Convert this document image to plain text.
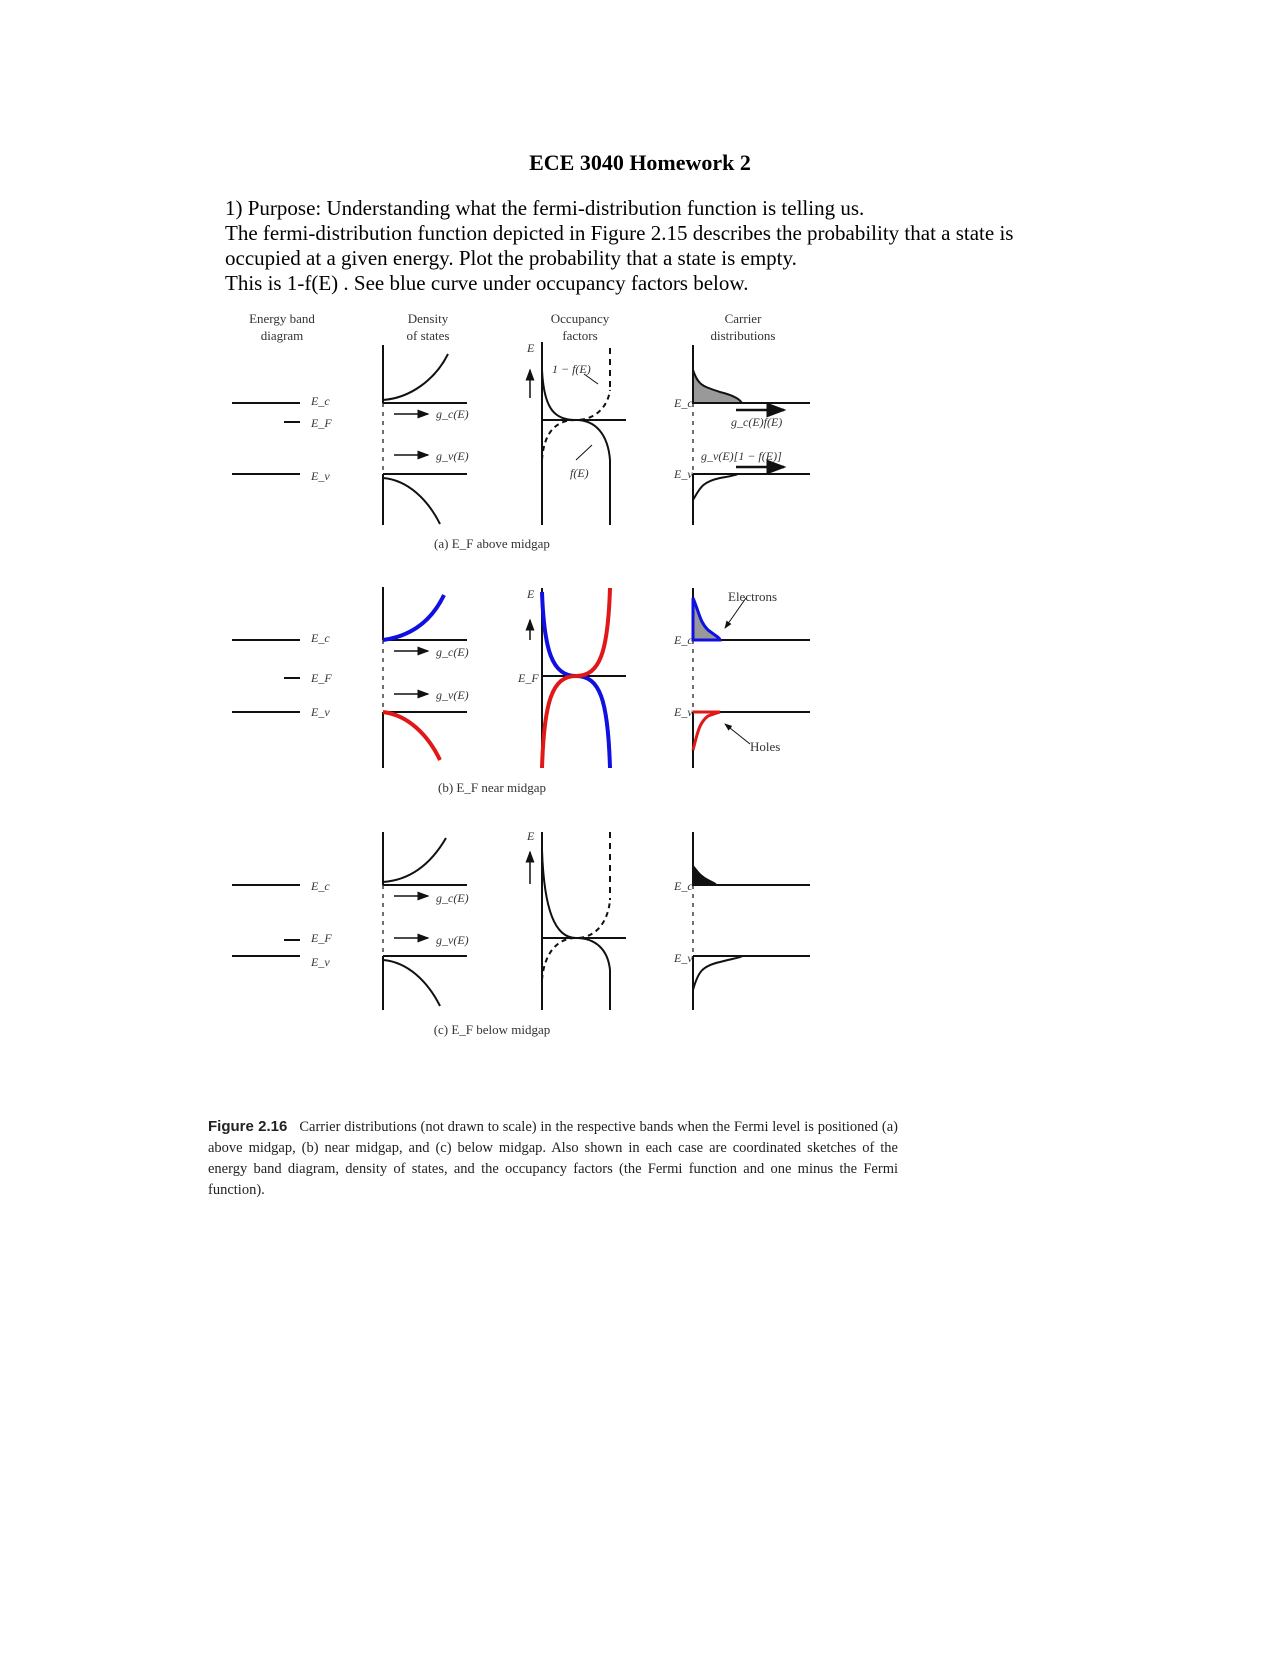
ECE 3040 Homework 2
1) Purpose: Understanding what the fermi-distribution function is telling us.
The fermi-distribution function depicted in Figure 2.15 describes the probability that a state is
occupied at a given energy. Plot the probability that a state is empty.
This is 1-f(E) . See blue curve under occupancy factors below.
Energy band
diagram
Density
of states
Occupancy
factors
Carrier
distributions
E_c
E_F
E_v
g_c(E)
g_v(E)
E
1 − f(E)
f(E)
E_c
E_v
g_c(E)f(E)
g_v(E)[1 − f(E)]
(a) E_F above midgap
E_c
E_F
E_v
g_c(E)
g_v(E)
E
E_F
E_c
E_v
Electrons
Holes
(b) E_F near midgap
E_c
E_F
E_v
g_c(E)
g_v(E)
E
E_c
E_v
(c) E_F below midgap
Figure 2.16 Carrier distributions (not drawn to scale) in the respective bands when the Fermi level is positioned (a) above midgap, (b) near midgap, and (c) below midgap. Also shown in each case are coordinated sketches of the energy band diagram, density of states, and the occupancy factors (the Fermi function and one minus the Fermi function).
